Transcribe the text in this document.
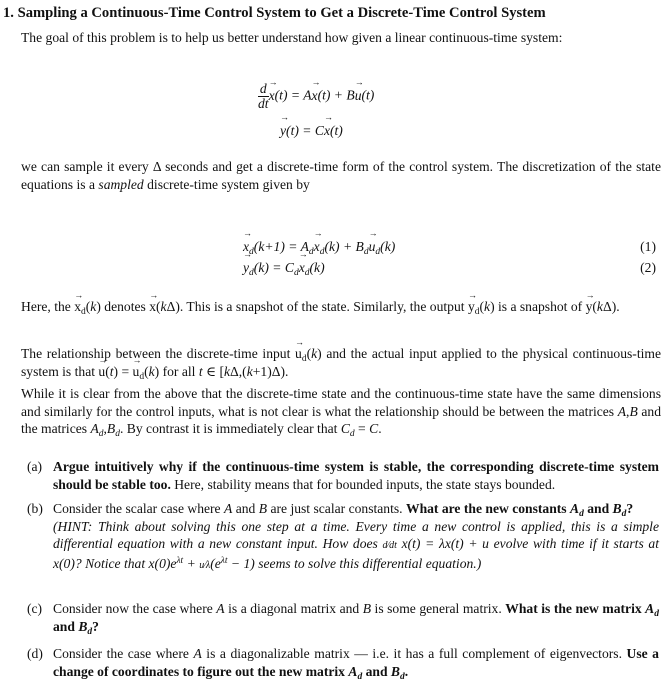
1. Sampling a Continuous-Time Control System to Get a Discrete-Time Control System
The goal of this problem is to help us better understand how given a linear continuous-time system:
$\frac{d}{dt}$
→ x(t) = A→ x(t) + B→ u(t)
→ y(t) = C→ x(t)
we can sample it every Δ seconds and get a discrete-time form of the control system. The discretization of the state equations is a sampled discrete-time system given by
→ $x_d(k+1) = A_d\to x_d(k) + B_d\to u_d(k)$	(1)
→ $y_d(k) = C_d\to x_d(k)$	(2)
Here, the → $x_d(k)$ denotes → x(kΔ). This is a snapshot of the state. Similarly, the output → $y_d(k)$ is a snapshot of → y(kΔ).
The relationship between the discrete-time input → $u_d(k)$ and the actual input applied to the physical continuous-time system is that → u(t) = → $u_d(k)$ for all t ∈ [kΔ,(k+1)Δ).
While it is clear from the above that the discrete-time state and the continuous-time state have the same dimensions and similarly for the control inputs, what is not clear is what the relationship should be between the matrices A,B and the matrices $A_d,B_d$. By contrast it is immediately clear that $C_d = C$.
(a) Argue intuitively why if the continuous-time system is stable, the corresponding discrete-time system should be stable too. Here, stability means that for bounded inputs, the state stays bounded.
(b) Consider the scalar case where A and B are just scalar constants. What are the new constants $A_d$ and $B_d$?
(HINT: Think about solving this one step at a time. Every time a new control is applied, this is a simple differential equation with a new constant input. How does d⁄dt x(t) = λx(t) + u evolve with time if it starts at x(0)? Notice that $x(0)e^{\lambda t}$ + $u⁄\lambda(e^{\lambda t} - 1)$ seems to solve this differential equation.)
(c) Consider now the case where A is a diagonal matrix and B is some general matrix. What is the new matrix $A_d$ and $B_d$?
(d) Consider the case where A is a diagonalizable matrix — i.e. it has a full complement of eigenvectors. Use a change of coordinates to figure out the new matrix $A_d$ and $B_d$.
